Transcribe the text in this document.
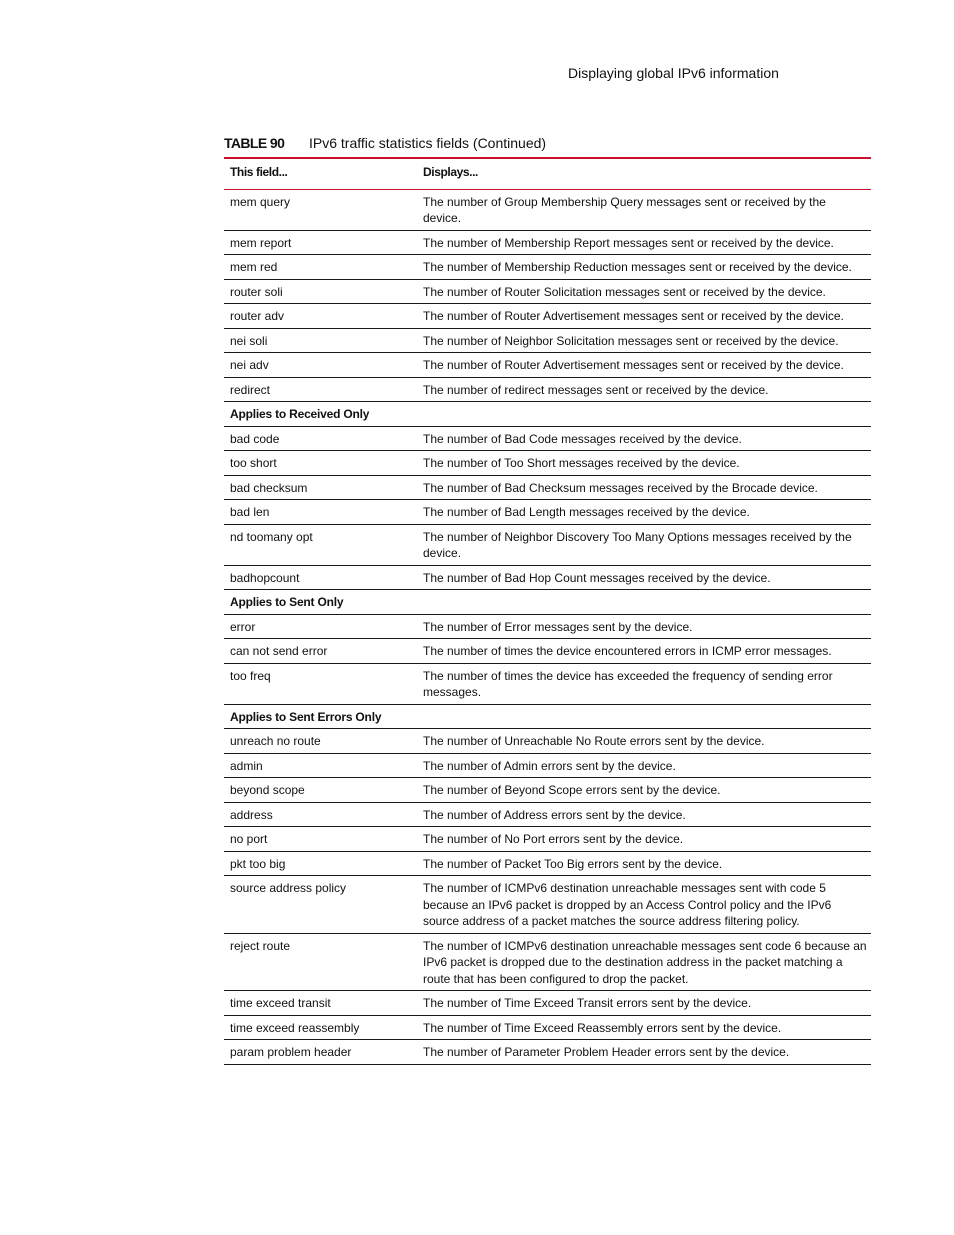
Displaying global IPv6 information
TABLE 90 IPv6 traffic statistics fields (Continued)
This field...	Displays...
mem query	The number of Group Membership Query messages sent or received by the device.
mem report	The number of Membership Report messages sent or received by the device.
mem red	The number of Membership Reduction messages sent or received by the device.
router soli	The number of Router Solicitation messages sent or received by the device.
router adv	The number of Router Advertisement messages sent or received by the device.
nei soli	The number of Neighbor Solicitation messages sent or received by the device.
nei adv	The number of Router Advertisement messages sent or received by the device.
redirect	The number of redirect messages sent or received by the device.
Applies to Received Only
bad code	The number of Bad Code messages received by the device.
too short	The number of Too Short messages received by the device.
bad checksum	The number of Bad Checksum messages received by the Brocade device.
bad len	The number of Bad Length messages received by the device.
nd toomany opt	The number of Neighbor Discovery Too Many Options messages received by the device.
badhopcount	The number of Bad Hop Count messages received by the device.
Applies to Sent Only
error	The number of Error messages sent by the device.
can not send error	The number of times the device encountered errors in ICMP error messages.
too freq	The number of times the device has exceeded the frequency of sending error messages.
Applies to Sent Errors Only
unreach no route	The number of Unreachable No Route errors sent by the device.
admin	The number of Admin errors sent by the device.
beyond scope	The number of Beyond Scope errors sent by the device.
address	The number of Address errors sent by the device.
no port	The number of No Port errors sent by the device.
pkt too big	The number of Packet Too Big errors sent by the device.
source address policy	The number of ICMPv6 destination unreachable messages sent with code 5 because an IPv6 packet is dropped by an Access Control policy and the IPv6 source address of a packet matches the source address filtering policy.
reject route	The number of ICMPv6 destination unreachable messages sent code 6 because an IPv6 packet is dropped due to the destination address in the packet matching a route that has been configured to drop the packet.
time exceed transit	The number of Time Exceed Transit errors sent by the device.
time exceed reassembly	The number of Time Exceed Reassembly errors sent by the device.
param problem header	The number of Parameter Problem Header errors sent by the device.
